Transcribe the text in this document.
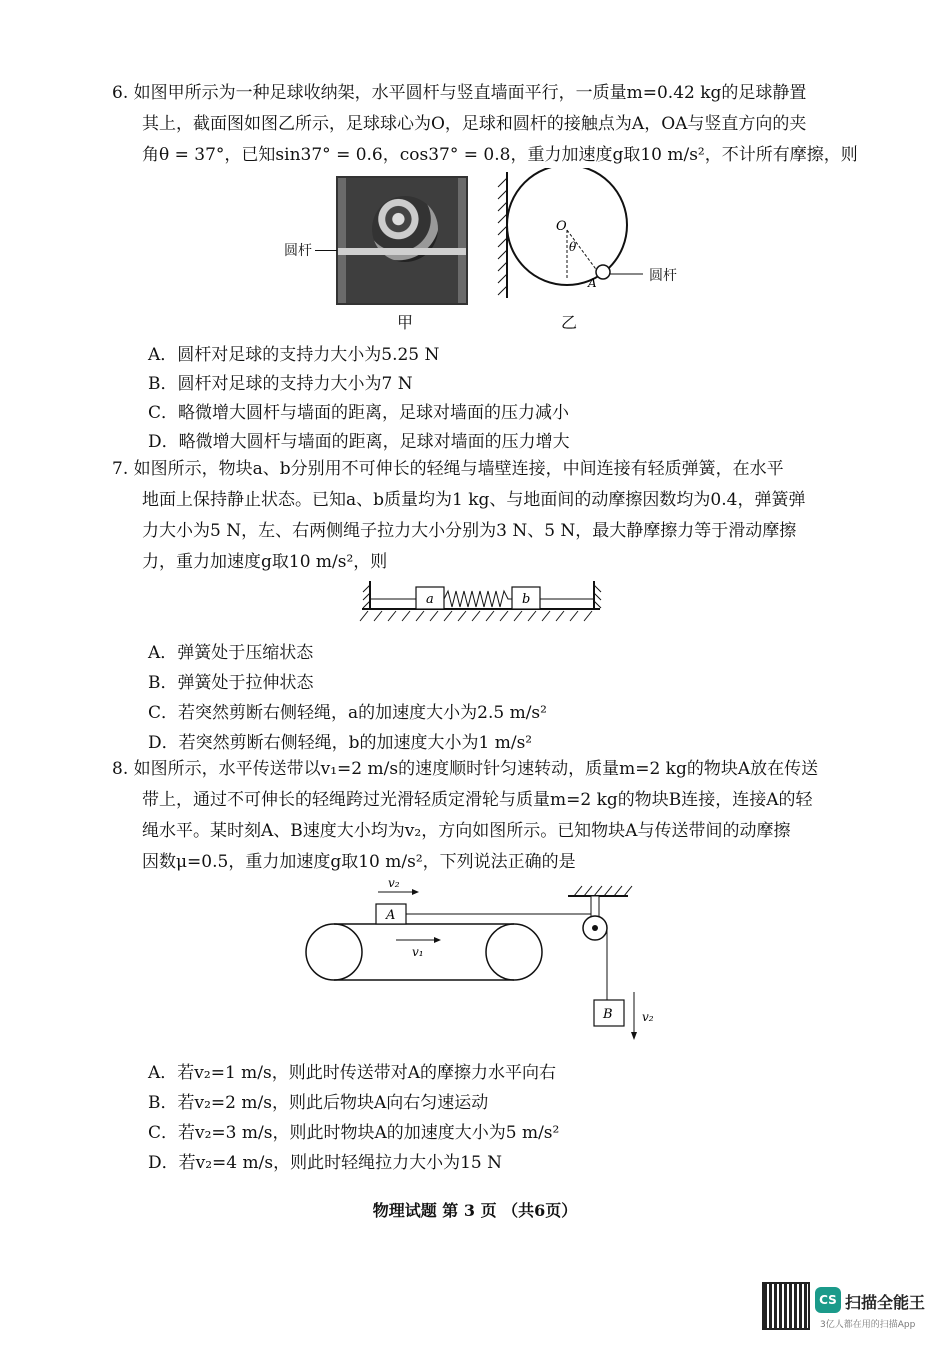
6. 如图甲所示为一种足球收纳架，水平圆杆与竖直墙面平行，一质量m=0.42 kg的足球静置
其上，截面图如图乙所示，足球球心为O，足球和圆杆的接触点为A，OA与竖直方向的夹
角θ = 37°，已知sin37° = 0.6，cos37° = 0.8，重力加速度g取10 m/s²，不计所有摩擦，则
圆杆
O
θ
A	圆杆
甲	乙
A．圆杆对足球的支持力大小为5.25 N
B．圆杆对足球的支持力大小为7 N
C．略微增大圆杆与墙面的距离，足球对墙面的压力减小
D．略微增大圆杆与墙面的距离，足球对墙面的压力增大
7. 如图所示，物块a、b分别用不可伸长的轻绳与墙壁连接，中间连接有轻质弹簧，在水平
地面上保持静止状态。已知a、b质量均为1 kg、与地面间的动摩擦因数均为0.4，弹簧弹
力大小为5 N，左、右两侧绳子拉力大小分别为3 N、5 N，最大静摩擦力等于滑动摩擦
力，重力加速度g取10 m/s²，则
a	b
A．弹簧处于压缩状态
B．弹簧处于拉伸状态
C．若突然剪断右侧轻绳，a的加速度大小为2.5 m/s²
D．若突然剪断右侧轻绳，b的加速度大小为1 m/s²
8. 如图所示，水平传送带以v₁=2 m/s的速度顺时针匀速转动，质量m=2 kg的物块A放在传送
带上，通过不可伸长的轻绳跨过光滑轻质定滑轮与质量m=2 kg的物块B连接，连接A的轻
绳水平。某时刻A、B速度大小均为v₂，方向如图所示。已知物块A与传送带间的动摩擦
因数μ=0.5，重力加速度g取10 m/s²，下列说法正确的是
A
v₂
v₁
B v₂
A．若v₂=1 m/s，则此时传送带对A的摩擦力水平向右
B．若v₂=2 m/s，则此后物块A向右匀速运动
C．若v₂=3 m/s，则此时物块A的加速度大小为5 m/s²
D．若v₂=4 m/s，则此时轻绳拉力大小为15 N
物理试题 第 3 页 （共6页）
CS 扫描全能王
3亿人都在用的扫描App
